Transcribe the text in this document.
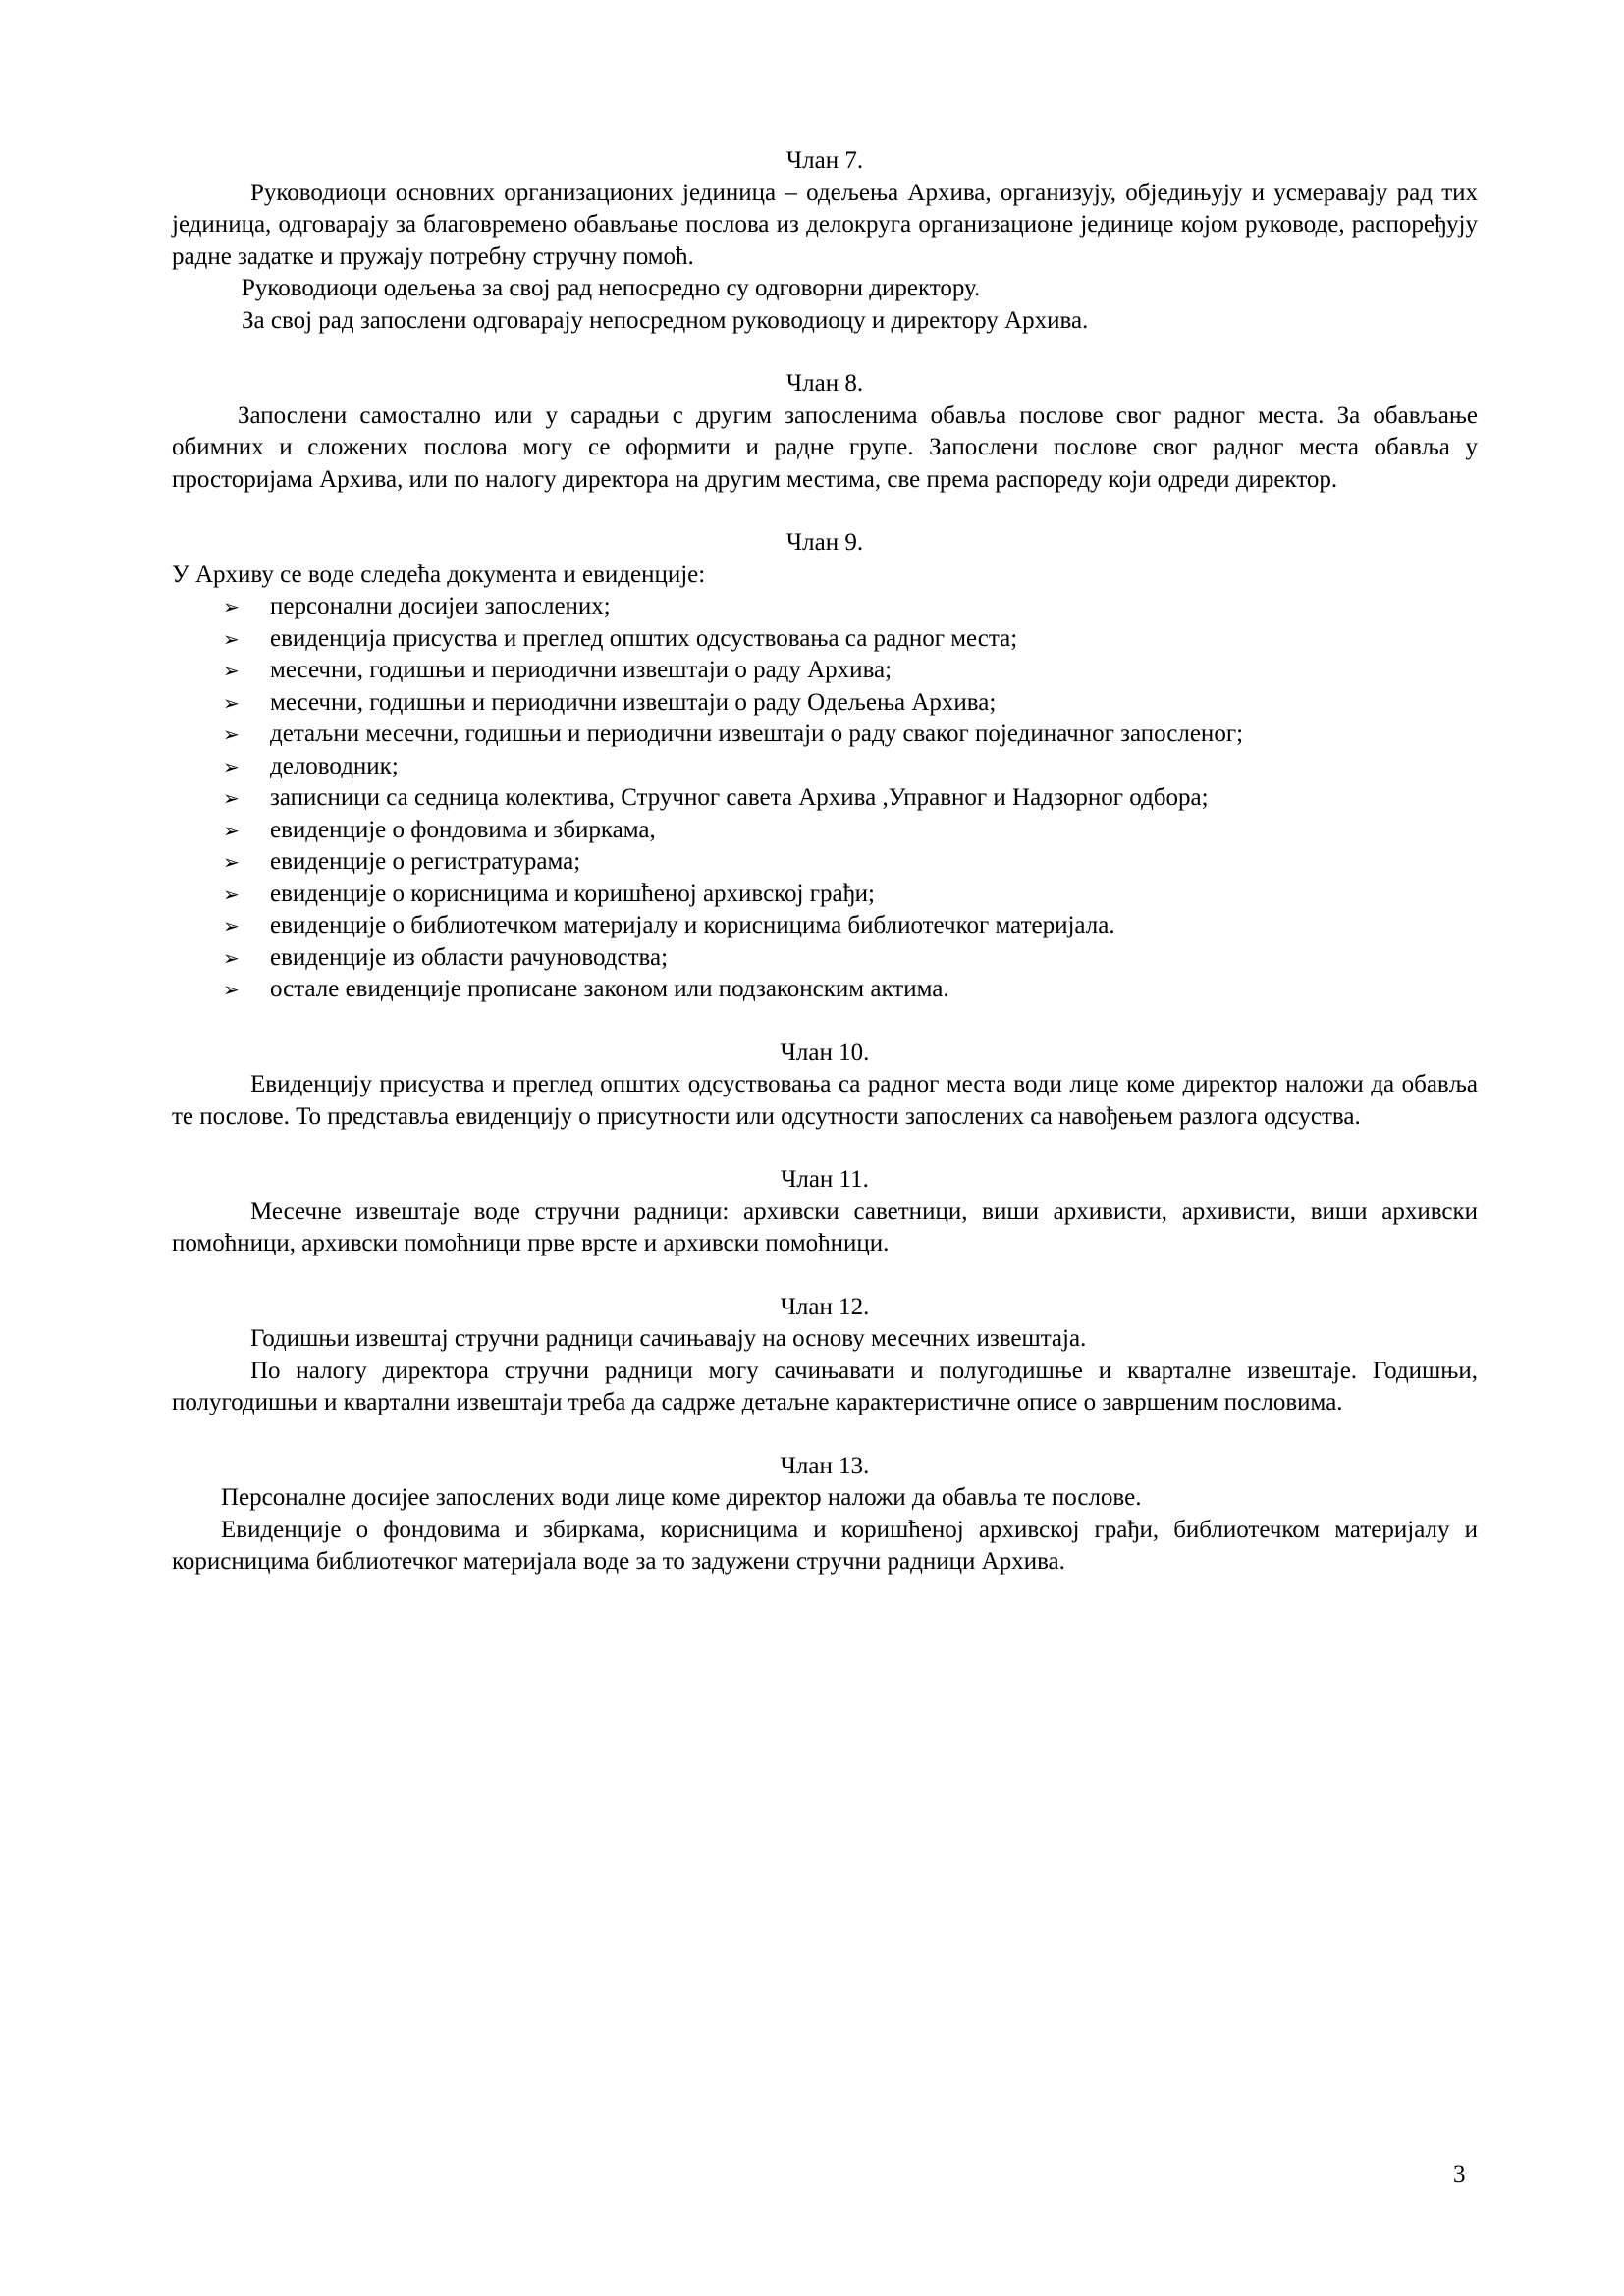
Члан 7.

Руководиоци основних организационих јединица – одељења Архива, организују, обједињују и усмеравају рад тих јединица, одговарају за благовремено обављање послова из делокруга организационе јединице којом руководе, распоређују радне задатке и пружају потребну стручну помоћ.

Руководиоци одељења за свој рад непосредно су одговорни директору.

За свој рад запослени одговарају непосредном руководиоцу и директору Архива.

Члан 8.

Запослени самостално или у сарадњи с другим запосленима обавља послове свог радног места. За обављање обимних и сложених послова могу се оформити и радне групе. Запослени послове свог радног места обавља у просторијама Архива, или по налогу директора на другим местима, све према распореду који одреди директор.

Члан 9.

У Архиву се воде следећа документа и евиденције:

➢ персонални досијеи запослених;
➢ евиденција присуства и преглед општих одсуствовања са радног места;
➢ месечни, годишњи и периодични извештаји о раду Архива;
➢ месечни, годишњи и периодични извештаји о раду Одељења Архива;
➢ детаљни месечни, годишњи и периодични извештаји о раду сваког појединачног запосленог;
➢ деловодник;
➢ записници са седница колектива, Стручног савета Архива ,Управног и Надзорног одбора;
➢ евиденције о фондовима и збиркама,
➢ евиденције о регистратурама;
➢ евиденције о корисницима и коришћеној архивској грађи;
➢ евиденције о библиотечком материјалу и корисницима библиотечког материјала.
➢ евиденције из области рачуноводства;
➢ остале евиденције прописане законом или подзаконским актима.

Члан 10.

Евиденцију присуства и преглед општих одсуствовања са радног места води лице коме директор наложи да обавља те послове. То представља евиденцију о присутности или одсутности запослених са навођењем разлога одсуства.

Члан 11.

Месечне извештаје воде стручни радници: архивски саветници, виши архивисти, архивисти, виши архивски помоћници, архивски помоћници прве врсте и архивски помоћници.

Члан 12.

Годишњи извештај стручни радници сачињавају на основу месечних извештаја.

По налогу директора стручни радници могу сачињавати и полугодишње и кварталне извештаје. Годишњи, полугодишњи и квартални извештаји треба да садрже детаљне карактеристичне описе о завршеним пословима.

Члан 13.

Персоналне досијее запослених води лице коме директор наложи да обавља те послове.

Евиденције о фондовима и збиркама, корисницима и коришћеној архивској грађи, библиотечком материјалу и корисницима библиотечког материјала воде за то задужени стручни радници Архива.

3
